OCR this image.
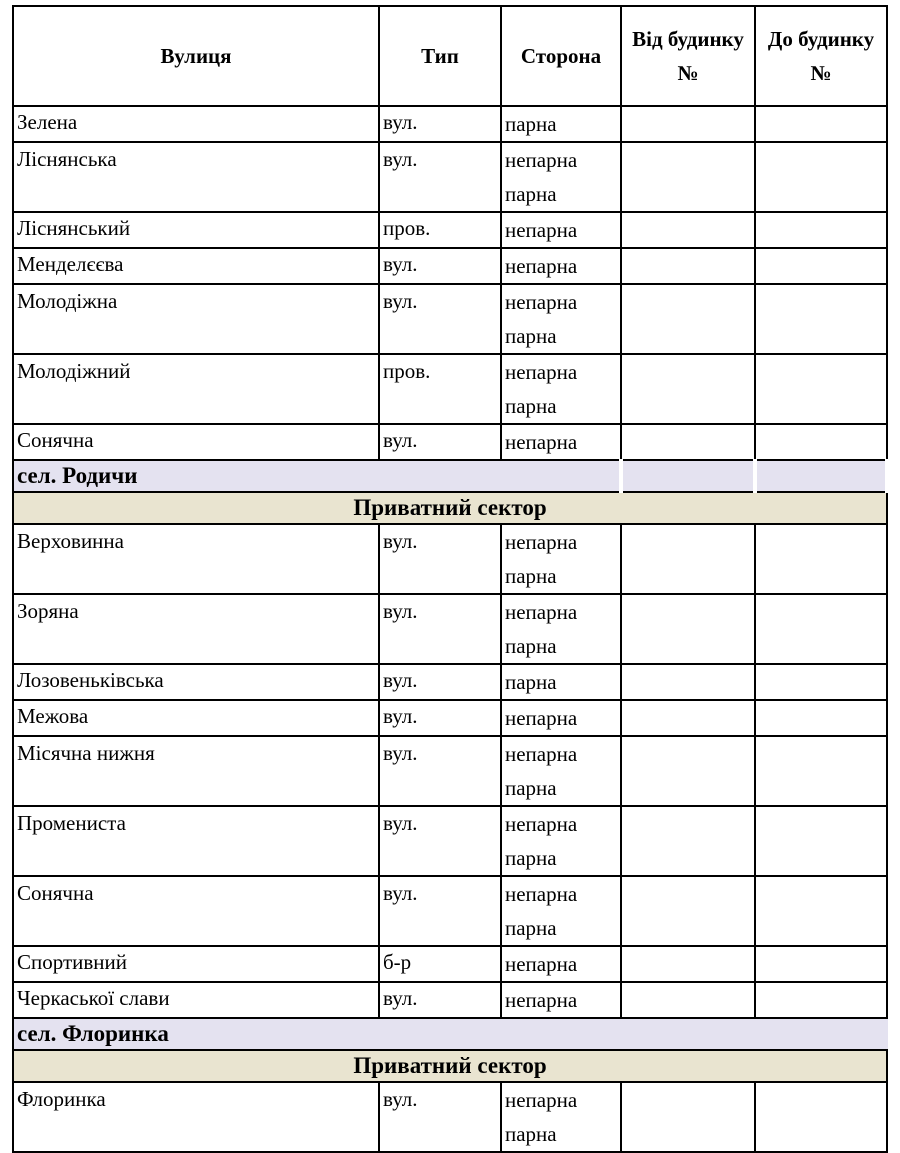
Вулиця	Тип	Сторона	Від будинку №	До будинку №
Зелена	вул.	парна		

Ліснянська	вул.	непарна
парна		

Ліснянський	пров.	непарна		

Менделєєва	вул.	непарна		

Молодіжна	вул.	непарна
парна		

Молодіжний	пров.	непарна
парна		

Сонячна	вул.	непарна		

сел. Родичи				
Приватний сектор				
Верховинна	вул.	непарна
парна		

Зоряна	вул.	непарна
парна		

Лозовеньківська	вул.	парна		

Межова	вул.	непарна		

Місячна нижня	вул.	непарна
парна		

Промениста	вул.	непарна
парна		

Сонячна	вул.	непарна
парна		

Спортивний	б-р	непарна		

Черкаської слави	вул.	непарна		

сел. Флоринка				
Приватний сектор				
Флоринка	вул.	непарна
парна		
